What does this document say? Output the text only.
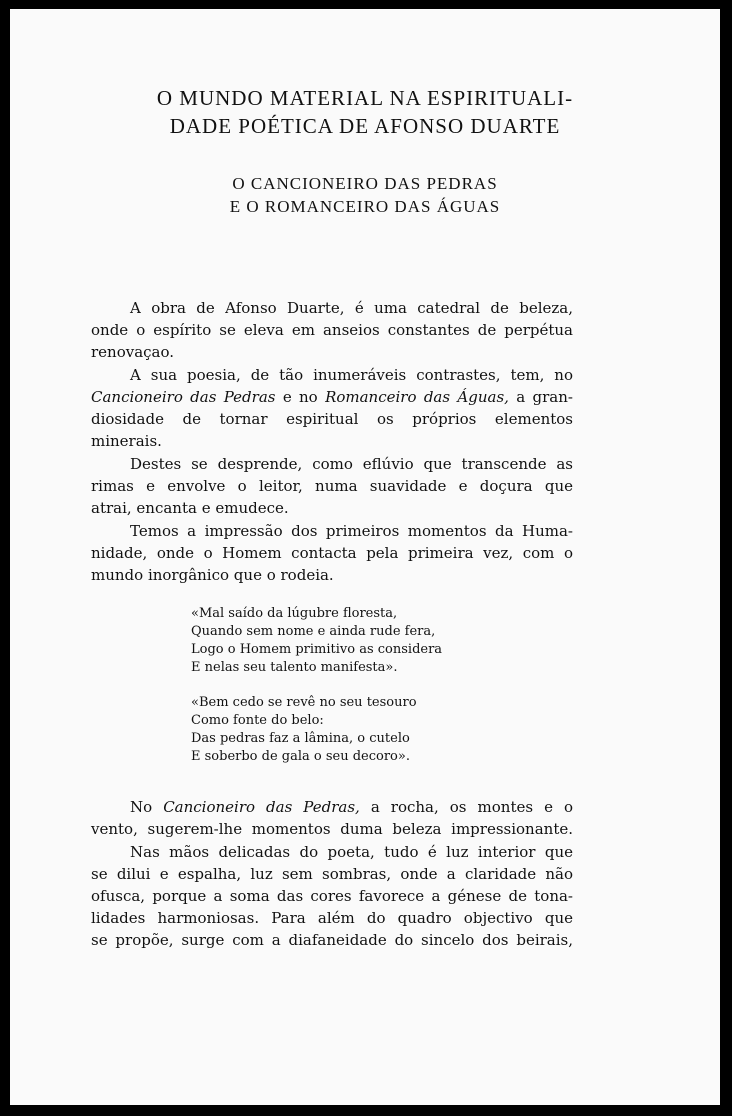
O MUNDO MATERIAL NA ESPIRITUALI-
DADE POÉTICA DE AFONSO DUARTE
O CANCIONEIRO DAS PEDRAS
E O ROMANCEIRO DAS ÁGUAS

A obra de Afonso Duarte, é uma catedral de beleza,

onde o espírito se eleva em anseios constantes de perpétua

renovaçao.

A sua poesia, de tão inumeráveis contrastes, tem, no

Cancioneiro das Pedras e no Romanceiro das Águas, a gran-

diosidade de tornar espiritual os próprios elementos

minerais.

Destes se desprende, como eflúvio que transcende as

rimas e envolve o leitor, numa suavidade e doçura que

atrai, encanta e emudece.

Temos a impressão dos primeiros momentos da Huma-

nidade, onde o Homem contacta pela primeira vez, com o

mundo inorgânico que o rodeia.

«Mal saído da lúgubre floresta,

Quando sem nome e ainda rude fera,

Logo o Homem primitivo as considera

E nelas seu talento manifesta».

«Bem cedo se revê no seu tesouro

Como fonte do belo:

Das pedras faz a lâmina, o cutelo

E soberbo de gala o seu decoro».

No Cancioneiro das Pedras, a rocha, os montes e o

vento, sugerem-lhe momentos duma beleza impressionante.

Nas mãos delicadas do poeta, tudo é luz interior que

se dilui e espalha, luz sem sombras, onde a claridade não

ofusca, porque a soma das cores favorece a génese de tona-

lidades harmoniosas. Para além do quadro objectivo que

se propõe, surge com a diafaneidade do sincelo dos beirais,
